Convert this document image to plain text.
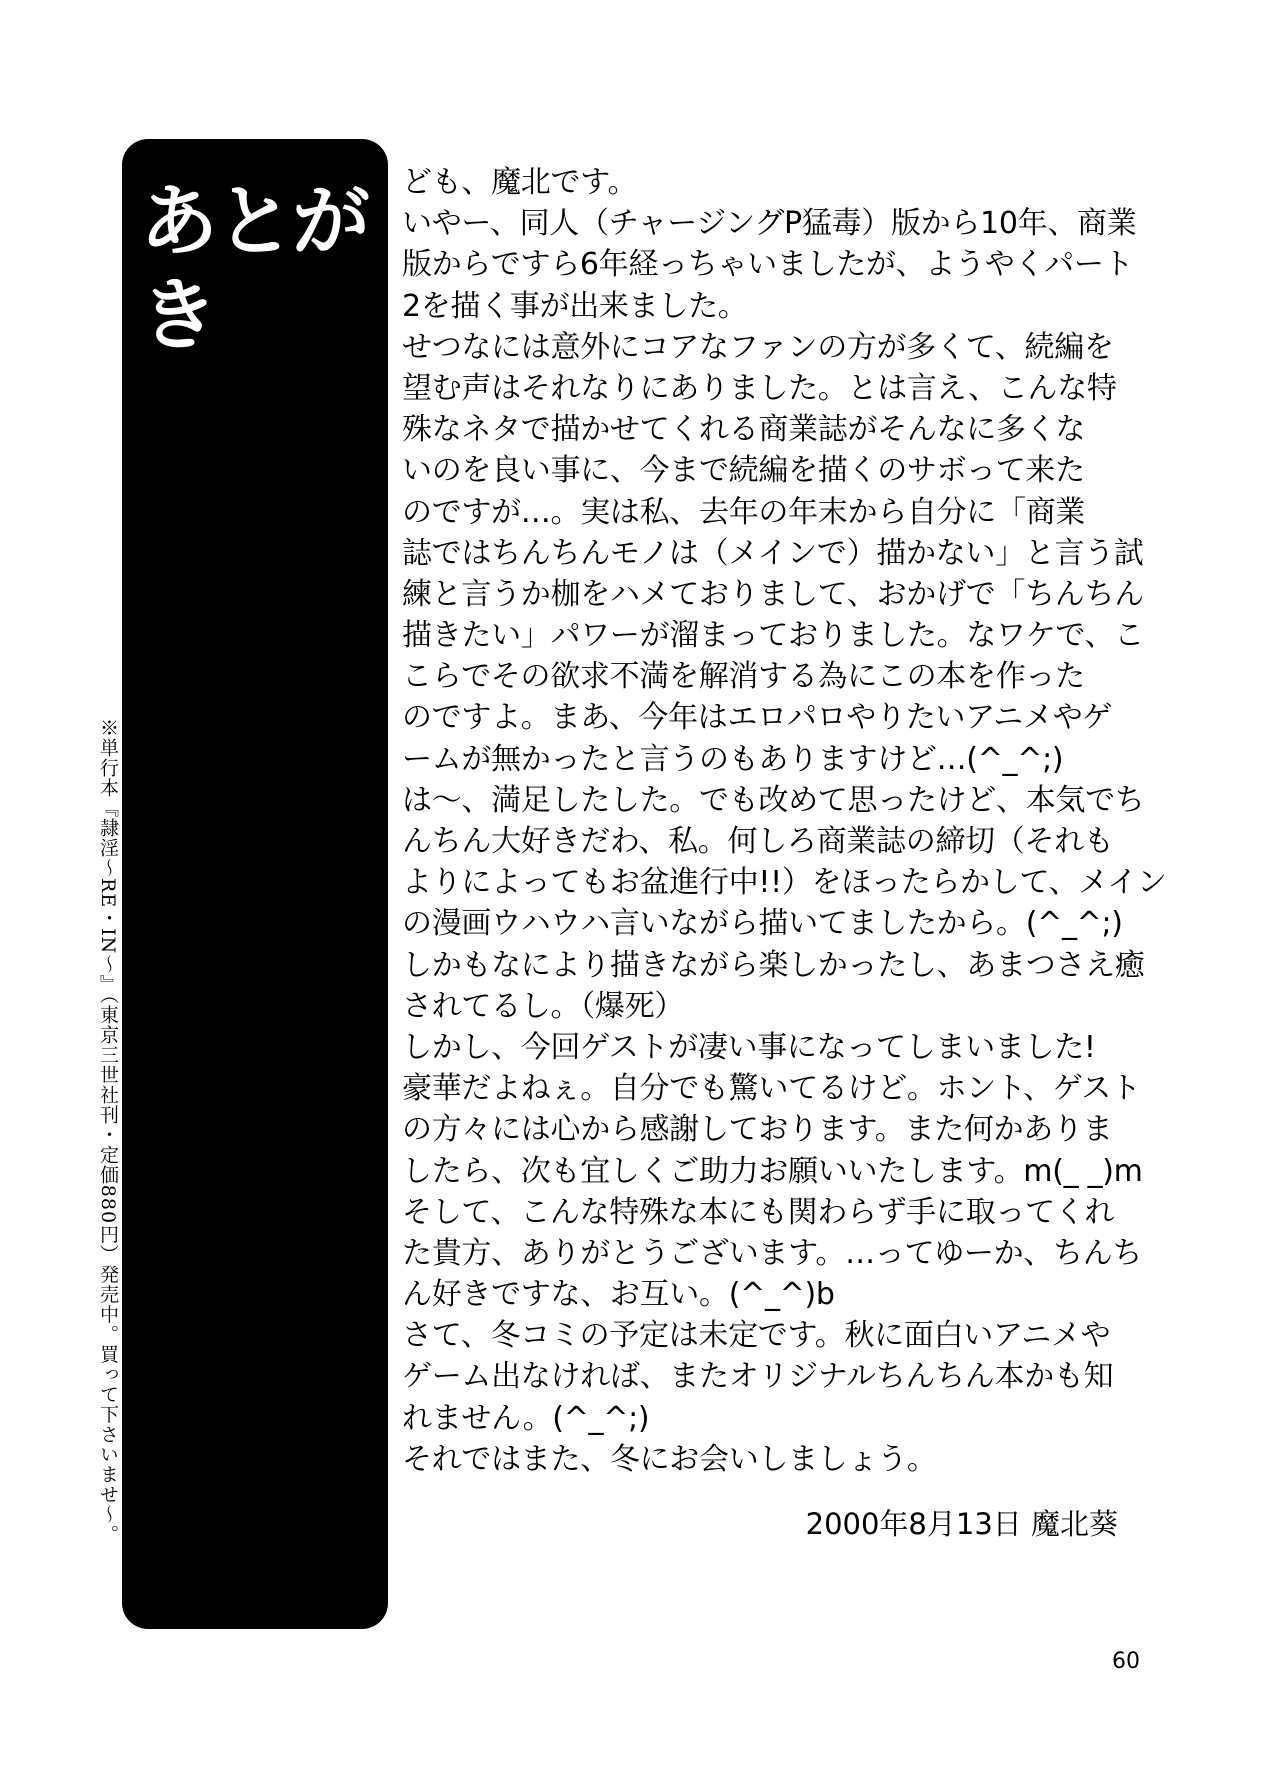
あとがき
※単行本『隷淫〜RE・IN〜』（東京三世社刊・定価880円）発売中。買って下さいませ〜。
ども、魔北です。
いやー、同人（チャージングP猛毒）版から10年、商業
版からですら6年経っちゃいましたが、ようやくパート
2を描く事が出来ました。
せつなには意外にコアなファンの方が多くて、続編を
望む声はそれなりにありました。とは言え、こんな特
殊なネタで描かせてくれる商業誌がそんなに多くな
いのを良い事に、今まで続編を描くのサボって来た
のですが…。実は私、去年の年末から自分に「商業
誌ではちんちんモノは（メインで）描かない」と言う試
練と言うか枷をハメておりまして、おかげで「ちんちん
描きたい」パワーが溜まっておりました。なワケで、こ
こらでその欲求不満を解消する為にこの本を作った
のですよ。まあ、今年はエロパロやりたいアニメやゲ
ームが無かったと言うのもありますけど…(^_^;)
は〜、満足したした。でも改めて思ったけど、本気でち
んちん大好きだわ、私。何しろ商業誌の締切（それも
よりによってもお盆進行中!!）をほったらかして、メイン
の漫画ウハウハ言いながら描いてましたから。(^_^;)
しかもなにより描きながら楽しかったし、あまつさえ癒
されてるし。（爆死）
しかし、今回ゲストが凄い事になってしまいました!
豪華だよねぇ。自分でも驚いてるけど。ホント、ゲスト
の方々には心から感謝しております。また何かありま
したら、次も宜しくご助力お願いいたします。m(_ _)m
そして、こんな特殊な本にも関わらず手に取ってくれ
た貴方、ありがとうございます。…ってゆーか、ちんち
ん好きですな、お互い。(^_^)b
さて、冬コミの予定は未定です。秋に面白いアニメや
ゲーム出なければ、またオリジナルちんちん本かも知
れません。(^_^;)
それではまた、冬にお会いしましょう。
2000年8月13日 魔北葵
60
